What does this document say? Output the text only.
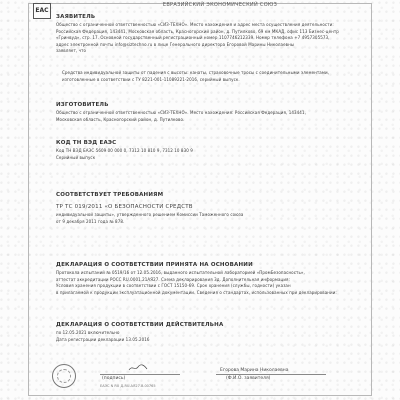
ЕАС
ЕВРАЗИЙСКИЙ ЭКОНОМИЧЕСКИЙ СОЮЗ
ЗАЯВИТЕЛЬ
Общество с ограниченной ответственностью «СИЗ-ТЕХНО». Место нахождения и адрес места осуществления деятельности:
Российская Федерация, 143441, Московская область, Красногорский район, д. Путилково, 69 км МКАД, офис 113 Бизнес-центр
«Гринвуд», стр. 17. Основной государственный регистрационный номер 1107746212339. Номер телефона +7 4957305573,
адрес электронной почты info@siztechno.ru в лице Генерального директора Егоровой Марины Николаевны
заявляет, что
Средства индивидуальной защиты от падения с высоты: канаты, страховочные тросы с соединительными элементами,
изготовленные в соответствии с ТУ 8221-001-11089221-2016, серийный выпуск.
ИЗГОТОВИТЕЛЬ
Общество с ограниченной ответственностью «СИЗ-ТЕХНО». Место нахождения: Российская Федерация, 143441,
Московская область, Красногорский район, д. Путилково.
КОД ТН ВЭД ЕАЭС
Код ТН ВЭД ЕАЭС 5609 00 000 0, 7312 10 810 9, 7312 10 830 9
Серийный выпуск
СООТВЕТСТВУЕТ ТРЕБОВАНИЯМ
ТР ТС 019/2011 «О БЕЗОПАСНОСТИ СРЕДСТВ
индивидуальной защиты», утвержденного решением Комиссии Таможенного союза
от 9 декабря 2011 года № 878.
ДЕКЛАРАЦИЯ О СООТВЕТСТВИИ ПРИНЯТА НА ОСНОВАНИИ
Протокола испытаний № 0519/16 от 12.05.2016, выданного испытательной лабораторией «ПромБезопасность»,
аттестат аккредитации РОСС RU.0001.21АЯ27. Схема декларирования 3д. Дополнительная информация:
Условия хранения продукции в соответствии с ГОСТ 15150-69. Срок хранения (службы, годности) указан
в прилагаемой к продукции эксплуатационной документации. Сведения о стандартах, использованных при декларировании:
ДЕКЛАРАЦИЯ О СООТВЕТСТВИИ ДЕЙСТВИТЕЛЬНА
по 12.05.2021 включительно
Дата регистрации декларации 13.05.2016
(подпись)
Егорова Марина Николаевна
(Ф.И.О. заявителя)
ЕАЭС N RU Д-RU.АЯ27.В.00765
